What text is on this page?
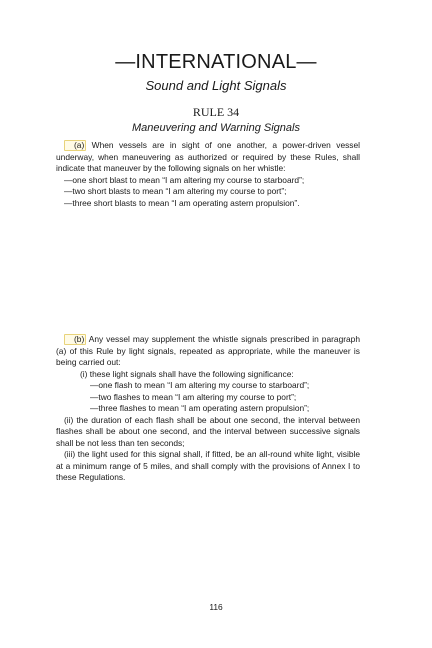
—INTERNATIONAL—
Sound and Light Signals
RULE 34
Maneuvering and Warning Signals

(a) When vessels are in sight of one another, a power-driven vessel underway, when maneuvering as authorized or required by these Rules, shall indicate that maneuver by the following signals on her whistle:

—one short blast to mean “I am altering my course to starboard”;

—two short blasts to mean “I am altering my course to port”;

—three short blasts to mean “I am operating astern propulsion”.

(b) Any vessel may supplement the whistle signals prescribed in paragraph (a) of this Rule by light signals, repeated as appropriate, while the maneuver is being carried out:

(i) these light signals shall have the following significance:

—one flash to mean “I am altering my course to starboard”;

—two flashes to mean “I am altering my course to port”;

—three flashes to mean “I am operating astern propulsion”;

(ii) the duration of each flash shall be about one second, the interval between flashes shall be about one second, and the interval between successive signals shall be not less than ten seconds;

(iii) the light used for this signal shall, if fitted, be an all-round white light, visible at a minimum range of 5 miles, and shall comply with the provisions of Annex I to these Regulations.

116
